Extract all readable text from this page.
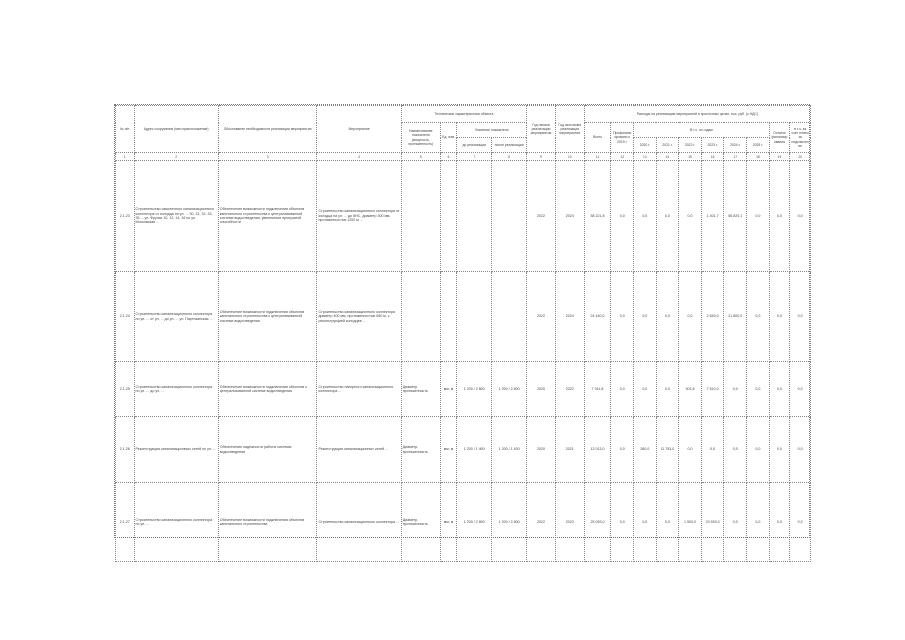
№ п/п	Адрес сооружения (месторасположение)	Обоснование необходимости реализации мероприятия	Мероприятие	Технические характеристики объекта				Год начала реализации мероприятия	Год окончания реализации мероприятия	Расходы на реализацию мероприятий в прогнозных ценах, тыс. руб. (с НДС)									
				Наименование показателя (мощность, протяженность)	Ед. изм.	Значение показателя				Всего	Профинансировано к 2019 г.	В т.ч. по годам						Остаток финансирования	в т.ч. за счет платы за подключение
						до реализации	после реализации					2020 г.	2021 г.	2022 г.	2023 г.	2024 г.	2025 г.		
1	2	3	4	5	6	7	8	9	10	11	12	13	14	15	16	17	18	19	20
2.1.23	Строительство самотечного канализационного коллектора от колодца по ул. ... 30, 31, 32, 33, 35 ... ул. Фрунзе 10, 12, 14, 16 по ул. Московская ...	Обеспечение возможности подключения объектов капитального строительства к централизованной системе водоотведения, увеличение пропускной способности	Строительство канализационного коллектора от колодца на ул. ... до КНС, диаметр 300 мм, протяженностью 1200 м ...					2022	2024	58 221,8	0,0	0,0	0,0	0,0	1 401,7	56 820,1	0,0	0,0	0,0
2.1.24	Строительство канализационного коллектора по ул. ... от ул. ... до ул. ... ул. Партизанская ...	Обеспечение возможности подключения объектов капитального строительства к централизованной системе водоотведения	Строительство канализационного коллектора диаметр 400 мм, протяженностью 850 м, с реконструкцией колодцев ...					2022	2024	24 440,0	0,0	0,0	0,0	0,0	2 640,0	21 800,0	0,0	0,0	0,0
2.1.25	Строительство канализационного коллектора по ул. ... до ул. ...	Обеспечение возможности подключения объектов к централизованной системе водоотведения	Строительство напорного канализационного коллектора ...	Диаметр, протяженность	мм, м	1 200 / 2 800	1 200 / 2 800	2020	2022	7 911,8	0,0	0,0	0,0	301,8	7 610,0	0,0	0,0	0,0	0,0
2.1.26	Реконструкция канализационных сетей по ул. ...	Обеспечение надежности работы системы водоотведения	Реконструкция канализационных сетей ...	Диаметр, протяженность	мм, м	1 200 / 1 400	1 200 / 1 400	2020	2021	12 013,0	0,0	260,0	11 753,0	0,0	0,0	0,0	0,0	0,0	0,0
2.1.27	Строительство канализационного коллектора по ул. ...	Обеспечение возможности подключения объектов капитального строительства	Строительство канализационного коллектора ...	Диаметр, протяженность	мм, м	1 200 / 2 800	1 200 / 2 800	2022	2023	25 093,0	0,0	0,0	0,0	1 500,0	23 593,0	0,0	0,0	0,0	0,0
